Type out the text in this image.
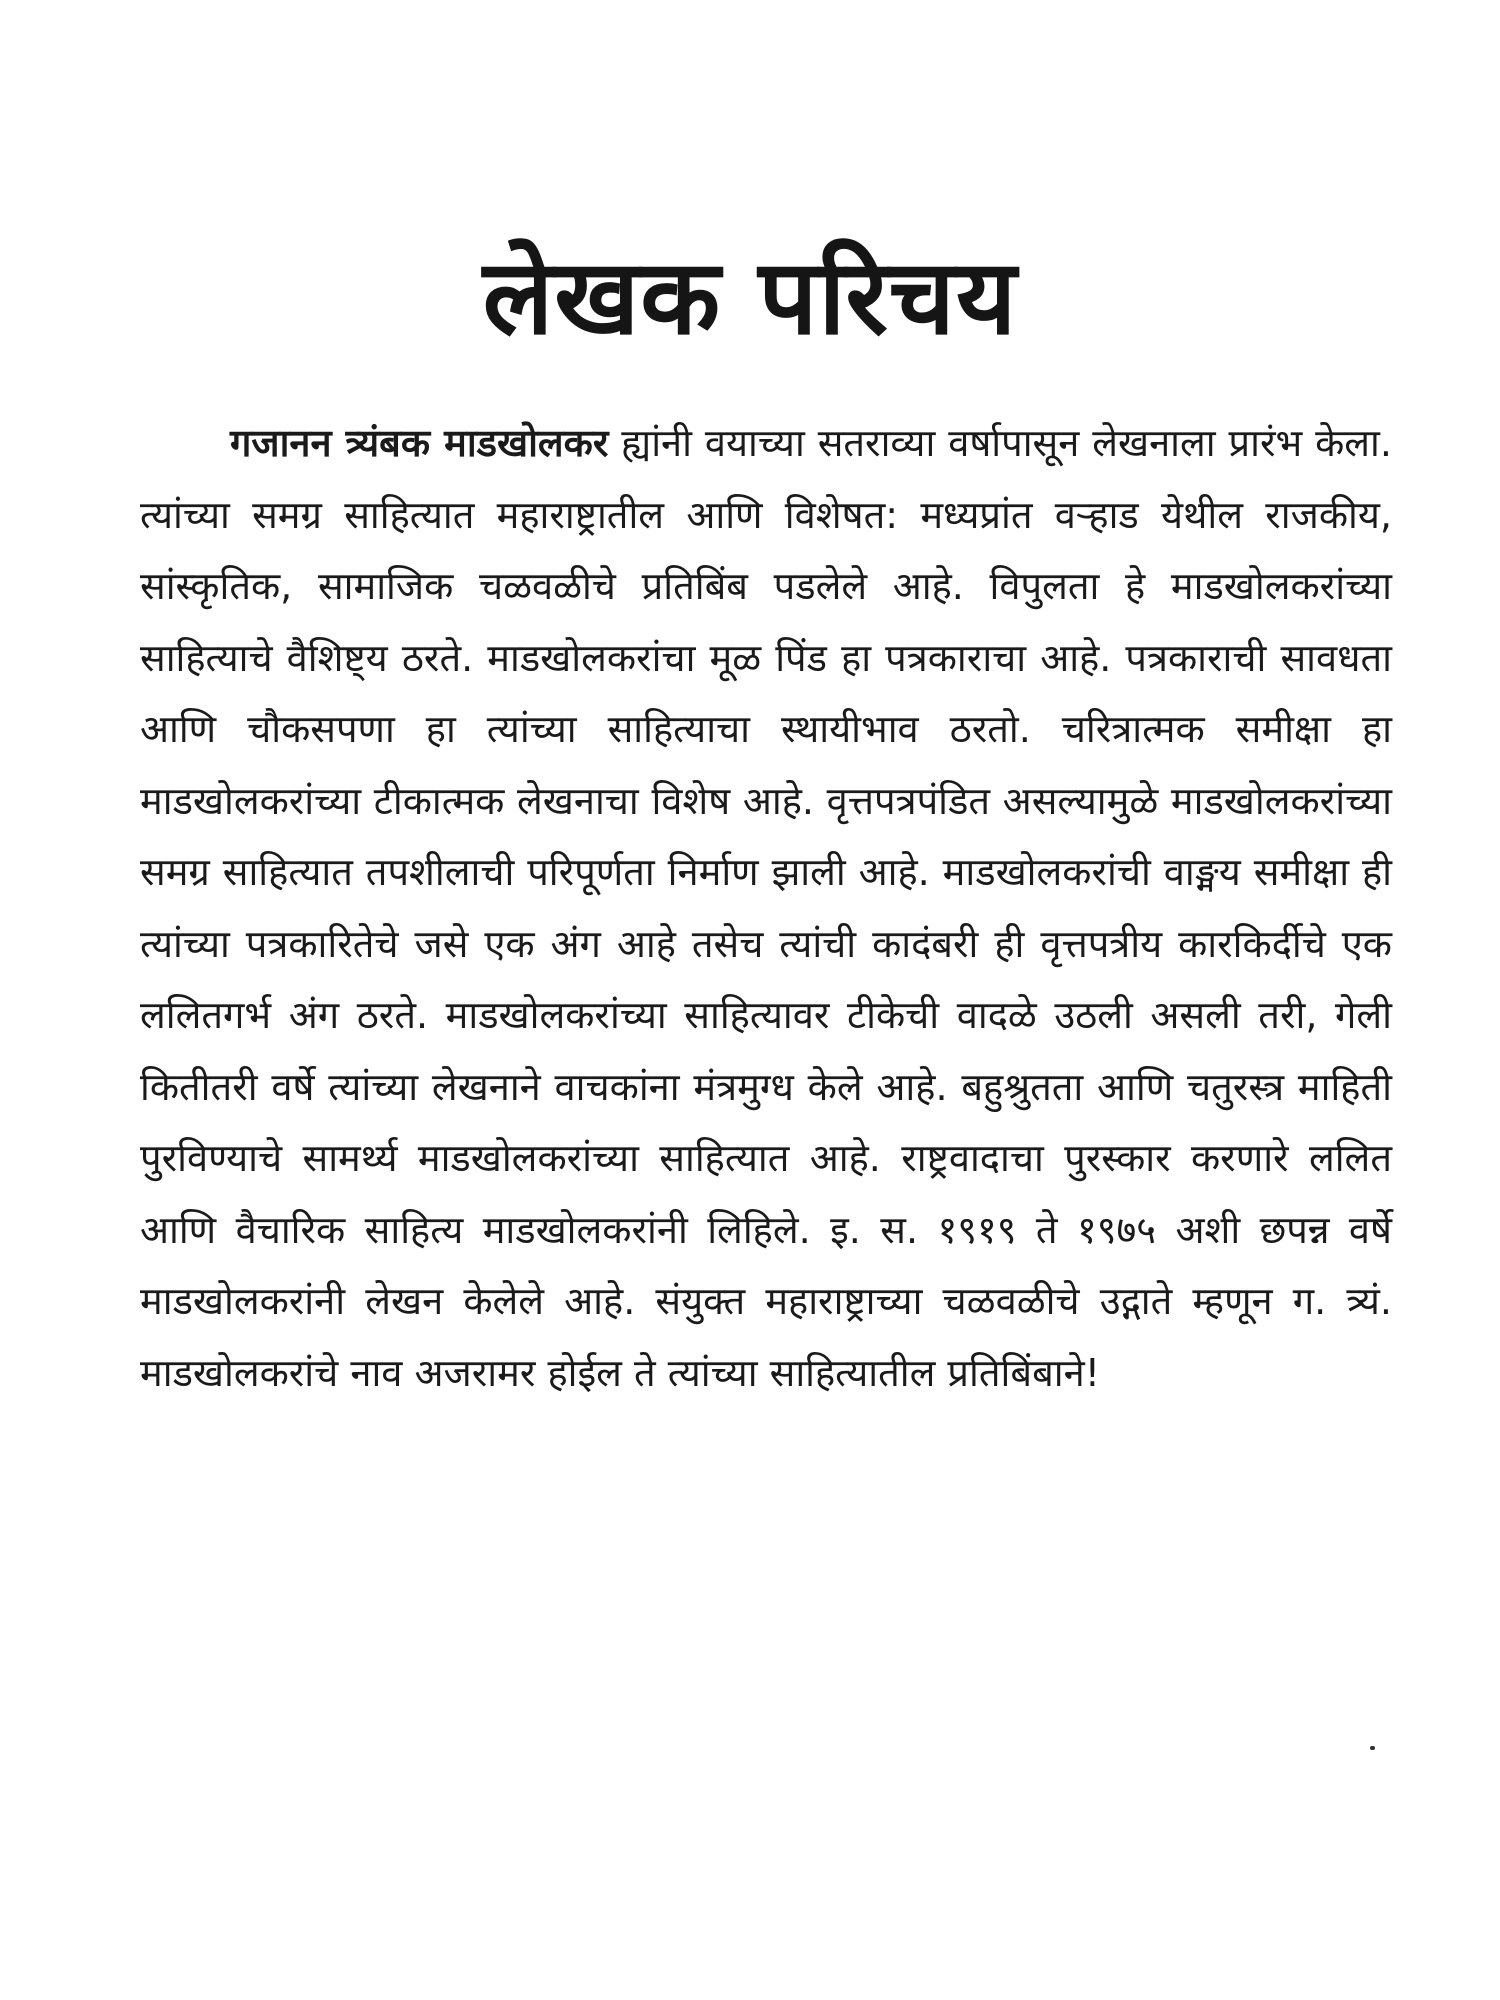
लेखक परिचय

गजानन त्र्यंबक माडखोलकर ह्यांनी वयाच्या सतराव्या वर्षापासून लेखनाला प्रारंभ केला. त्यांच्या समग्र साहित्यात महाराष्ट्रातील आणि विशेषत: मध्यप्रांत वऱ्हाड येथील राजकीय, सांस्कृतिक, सामाजिक चळवळीचे प्रतिबिंब पडलेले आहे. विपुलता हे माडखोलकरांच्या साहित्याचे वैशिष्ट्य ठरते. माडखोलकरांचा मूळ पिंड हा पत्रकाराचा आहे. पत्रकाराची सावधता आणि चौकसपणा हा त्यांच्या साहित्याचा स्थायीभाव ठरतो. चरित्रात्मक समीक्षा हा माडखोलकरांच्या टीकात्मक लेखनाचा विशेष आहे. वृत्तपत्रपंडित असल्यामुळे माडखोलकरांच्या समग्र साहित्यात तपशीलाची परिपूर्णता निर्माण झाली आहे. माडखोलकरांची वाङ्मय समीक्षा ही त्यांच्या पत्रकारितेचे जसे एक अंग आहे तसेच त्यांची कादंबरी ही वृत्तपत्रीय कारकिर्दीचे एक ललितगर्भ अंग ठरते. माडखोलकरांच्या साहित्यावर टीकेची वादळे उठली असली तरी, गेली कितीतरी वर्षे त्यांच्या लेखनाने वाचकांना मंत्रमुग्ध केले आहे. बहुश्रुतता आणि चतुरस्त्र माहिती पुरविण्याचे सामर्थ्य माडखोलकरांच्या साहित्यात आहे. राष्ट्रवादाचा पुरस्कार करणारे ललित आणि वैचारिक साहित्य माडखोलकरांनी लिहिले. इ. स. १९१९ ते १९७५ अशी छपन्न वर्षे माडखोलकरांनी लेखन केलेले आहे. संयुक्त महाराष्ट्राच्या चळवळीचे उद्गाते म्हणून ग. त्र्यं. माडखोलकरांचे नाव अजरामर होईल ते त्यांच्या साहित्यातील प्रतिबिंबाने!
